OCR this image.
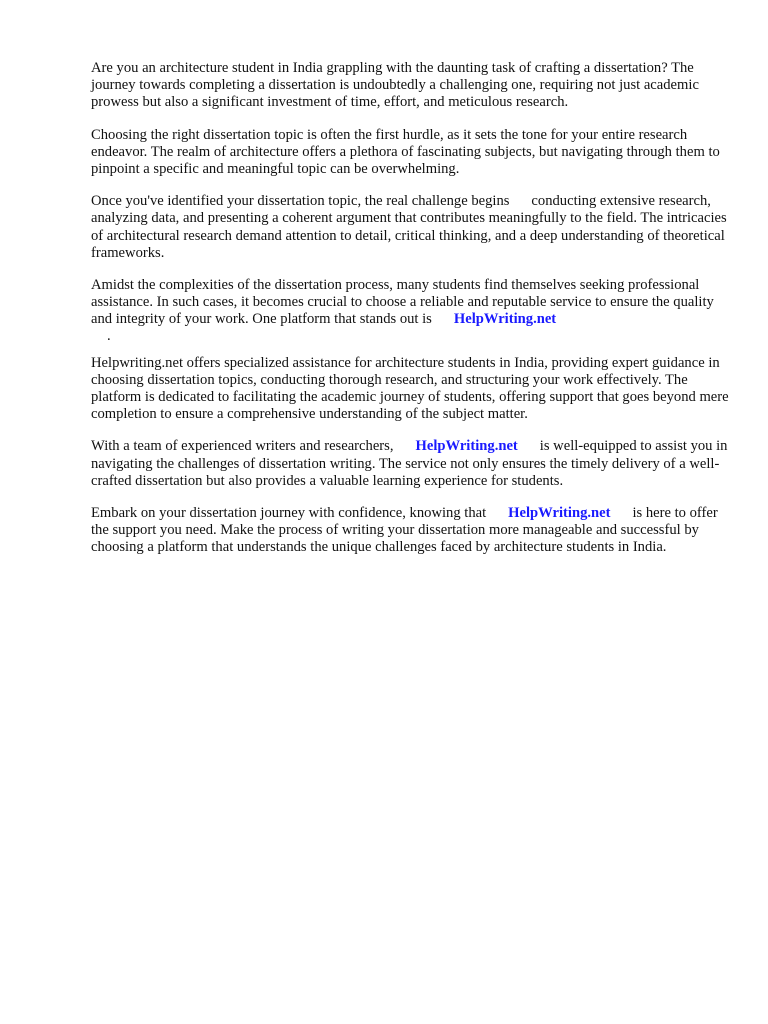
Are you an architecture student in India grappling with the daunting task of crafting a dissertation? The journey towards completing a dissertation is undoubtedly a challenging one, requiring not just academic prowess but also a significant investment of time, effort, and meticulous research.

Choosing the right dissertation topic is often the first hurdle, as it sets the tone for your entire research endeavor. The realm of architecture offers a plethora of fascinating subjects, but navigating through them to pinpoint a specific and meaningful topic can be overwhelming.

Once you've identified your dissertation topic, the real challenge begins conducting extensive research, analyzing data, and presenting a coherent argument that contributes meaningfully to the field. The intricacies of architectural research demand attention to detail, critical thinking, and a deep understanding of theoretical frameworks.

Amidst the complexities of the dissertation process, many students find themselves seeking professional assistance. In such cases, it becomes crucial to choose a reliable and reputable service to ensure the quality and integrity of your work. One platform that stands out is HelpWriting.net
.

Helpwriting.net offers specialized assistance for architecture students in India, providing expert guidance in choosing dissertation topics, conducting thorough research, and structuring your work effectively. The platform is dedicated to facilitating the academic journey of students, offering support that goes beyond mere completion to ensure a comprehensive understanding of the subject matter.

With a team of experienced writers and researchers, HelpWriting.net is well-equipped to assist you in navigating the challenges of dissertation writing. The service not only ensures the timely delivery of a well-crafted dissertation but also provides a valuable learning experience for students.

Embark on your dissertation journey with confidence, knowing that HelpWriting.net is here to offer the support you need. Make the process of writing your dissertation more manageable and successful by choosing a platform that understands the unique challenges faced by architecture students in India.
